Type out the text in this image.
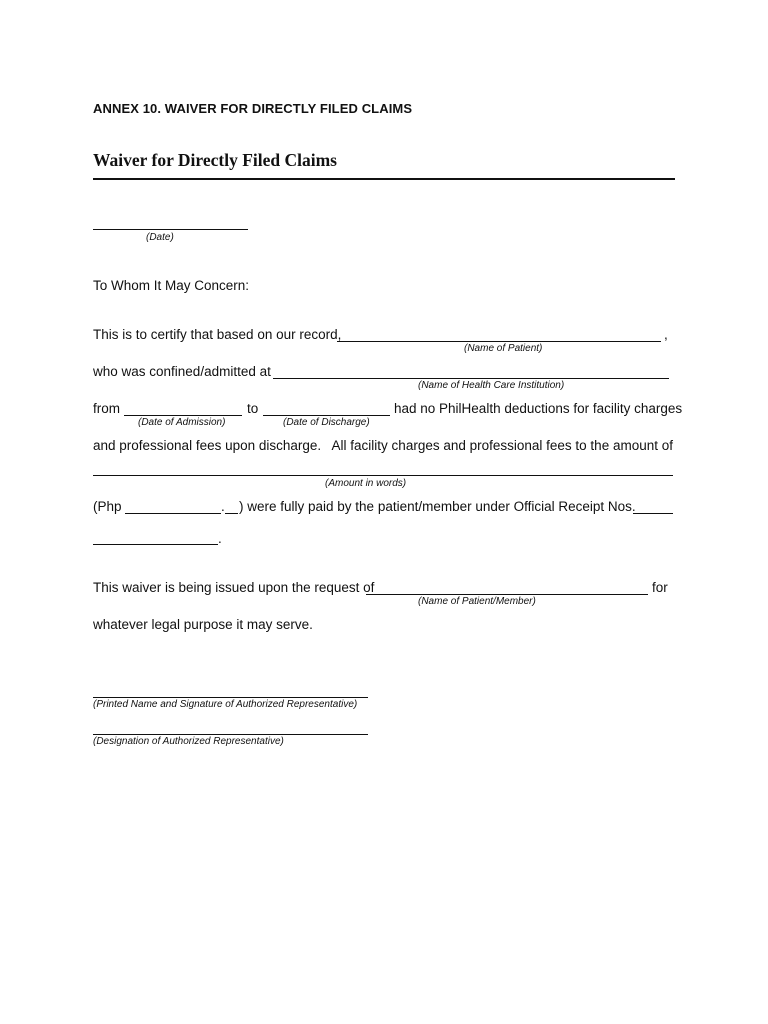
ANNEX 10. WAIVER FOR DIRECTLY FILED CLAIMS
Waiver for Directly Filed Claims
(Date)
To Whom It May Concern:
This is to certify that based on our record,	,
(Name of Patient)
who was confined/admitted at
(Name of Health Care Institution)
from	to	had no PhilHealth deductions for facility charges
(Date of Admission)	(Date of Discharge)
and professional fees upon discharge. All facility charges and professional fees to the amount of
(Amount in words)
(Php	. ) were fully paid by the patient/member under Official Receipt Nos.
.
This waiver is being issued upon the request of	for
(Name of Patient/Member)
whatever legal purpose it may serve.
(Printed Name and Signature of Authorized Representative)
(Designation of Authorized Representative)
